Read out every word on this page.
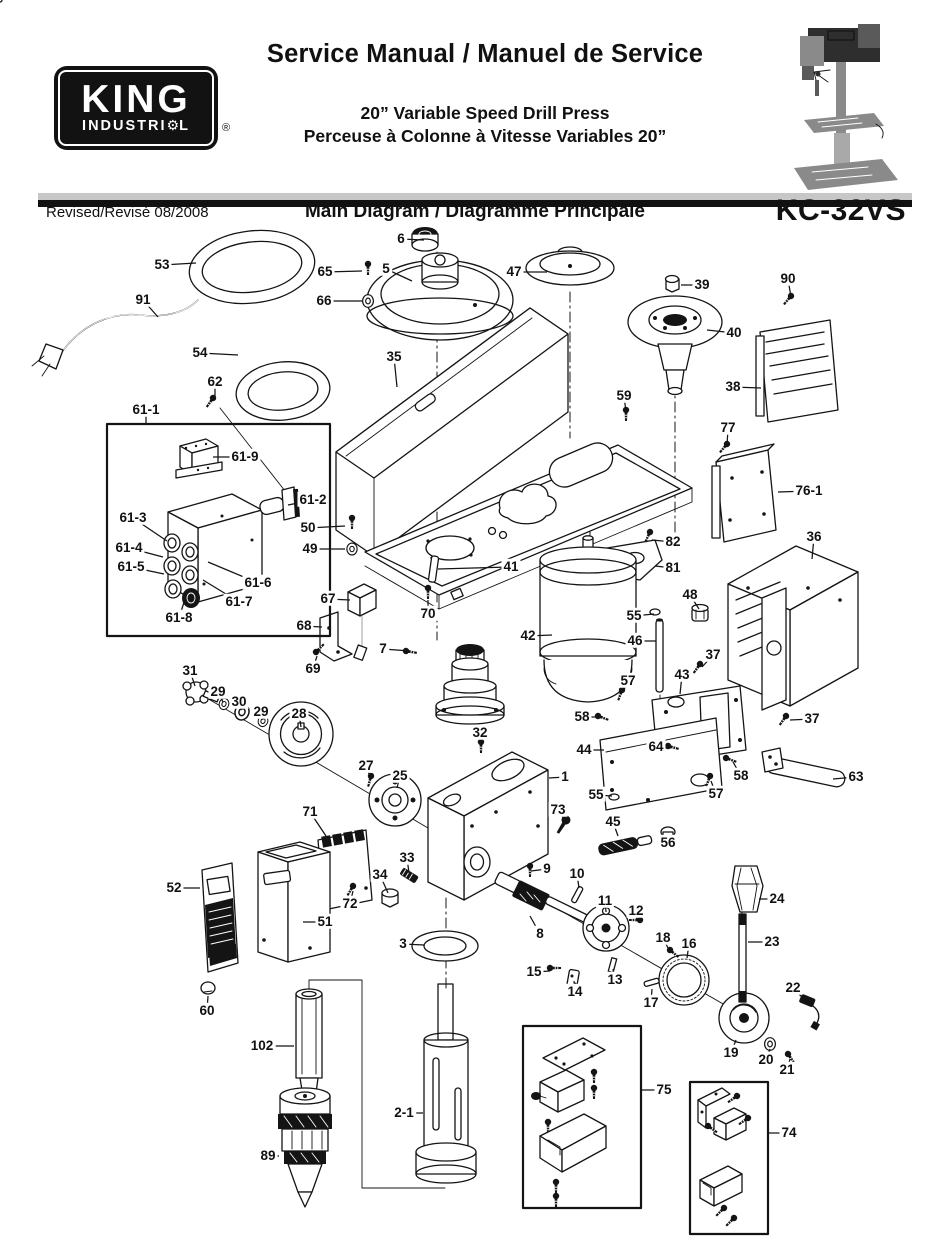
KING
INDUSTRI⚙L	®
Service Manual / Manuel de Service
20” Variable Speed Drill Press
Perceuse à Colonne à Vitesse Variables 20”
Revised/Revisé 08/2008	Main Diagram / Diagramme Principale	KC-32VS
6
53	65	5	47
39	90
91	66
40
54	35
38
62
59
61-1
77
61-9
76-1
61-2
61-3
50
36
61-4	49	82
61-5	41	81
61-6
48
61-7	67
55
61-8
68
70
42	46
37
7
69
31	43
29
57
30
29 28	58	37
32
44	64
27
25	1	63
55	57
58
73
45
56
71
9 10
34
33
52
8
11
12
24
18 16	23
51
72
3
15
13
14
17
22
60
19 20
21
102
75
74
2-1
89
